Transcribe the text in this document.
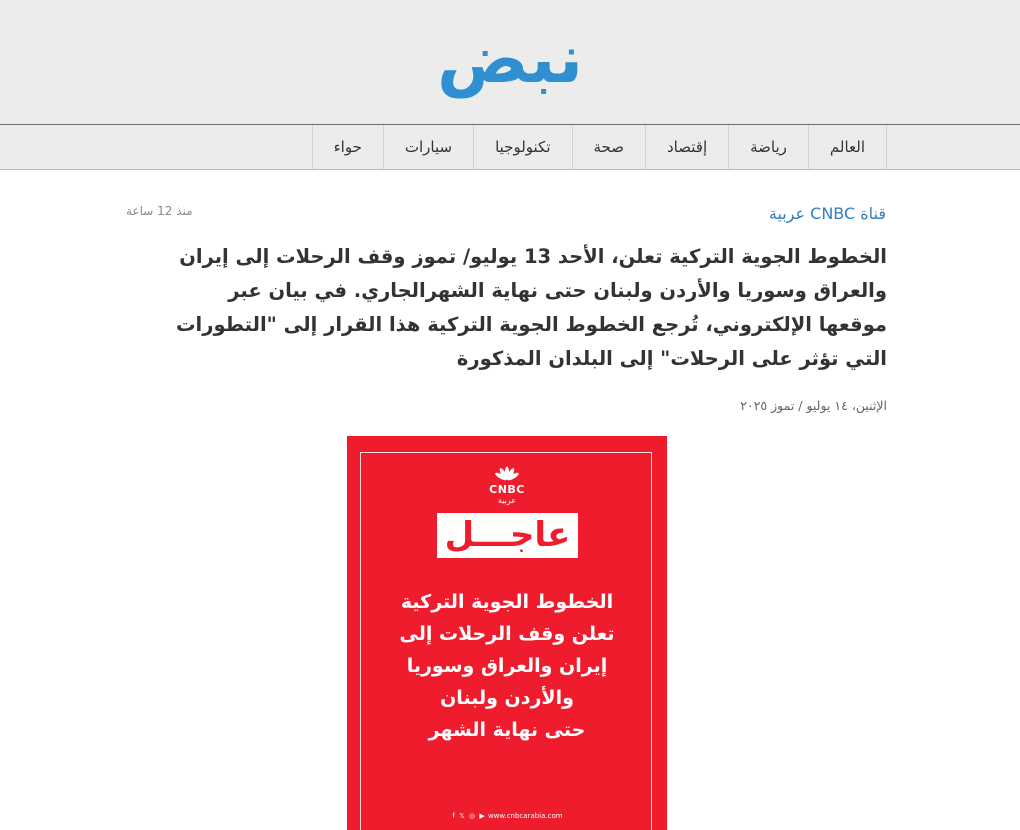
نبض
العالم
رياضة
إقتصاد
صحة
تكنولوجيا
سيارات
حواء
قناة CNBC عربية
منذ 12 ساعة
الخطوط الجوية التركية تعلن، الأحد 13 يوليو/ تموز وقف الرحلات إلى إيران والعراق وسوريا والأردن ولبنان حتى نهاية الشهرالجاري. في بيان عبر موقعها الإلكتروني، تُرجع الخطوط الجوية التركية هذا القرار إلى "التطورات التي تؤثر على الرحلات" إلى البلدان المذكورة
الإثنين، ١٤ يوليو / تموز ٢٠٢٥
CNBC
عربية
عاجـــل
الخطوط الجوية التركية
تعلن وقف الرحلات إلى
إيران والعراق وسوريا
والأردن ولبنان
حتى نهاية الشهر
f 𝕏 ◎ ▶ www.cnbcarabia.com
